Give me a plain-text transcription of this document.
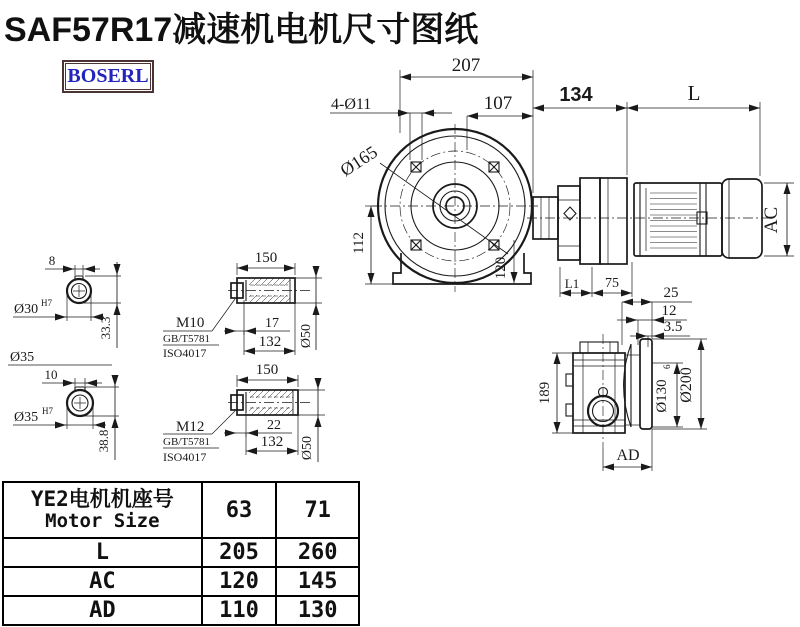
SAF57R17减速机电机尺寸图纸
BOSERL	207
4-Ø11	107
Ø165
112
120
134	L
AC
L1 75
25
12
3.5
189	Ø130
6
Ø200
AD
8
Ø30 H7
33.3
Ø35
10
Ø35 H7
38.8
150
Ø50
17
132
M10
GB/T5781
ISO4017
150
Ø50
22
132
M12
GB/T5781
ISO4017
YE2电机机座号
Motor Size	63	71
L	205	260
AC	120	145
AD	110	130
